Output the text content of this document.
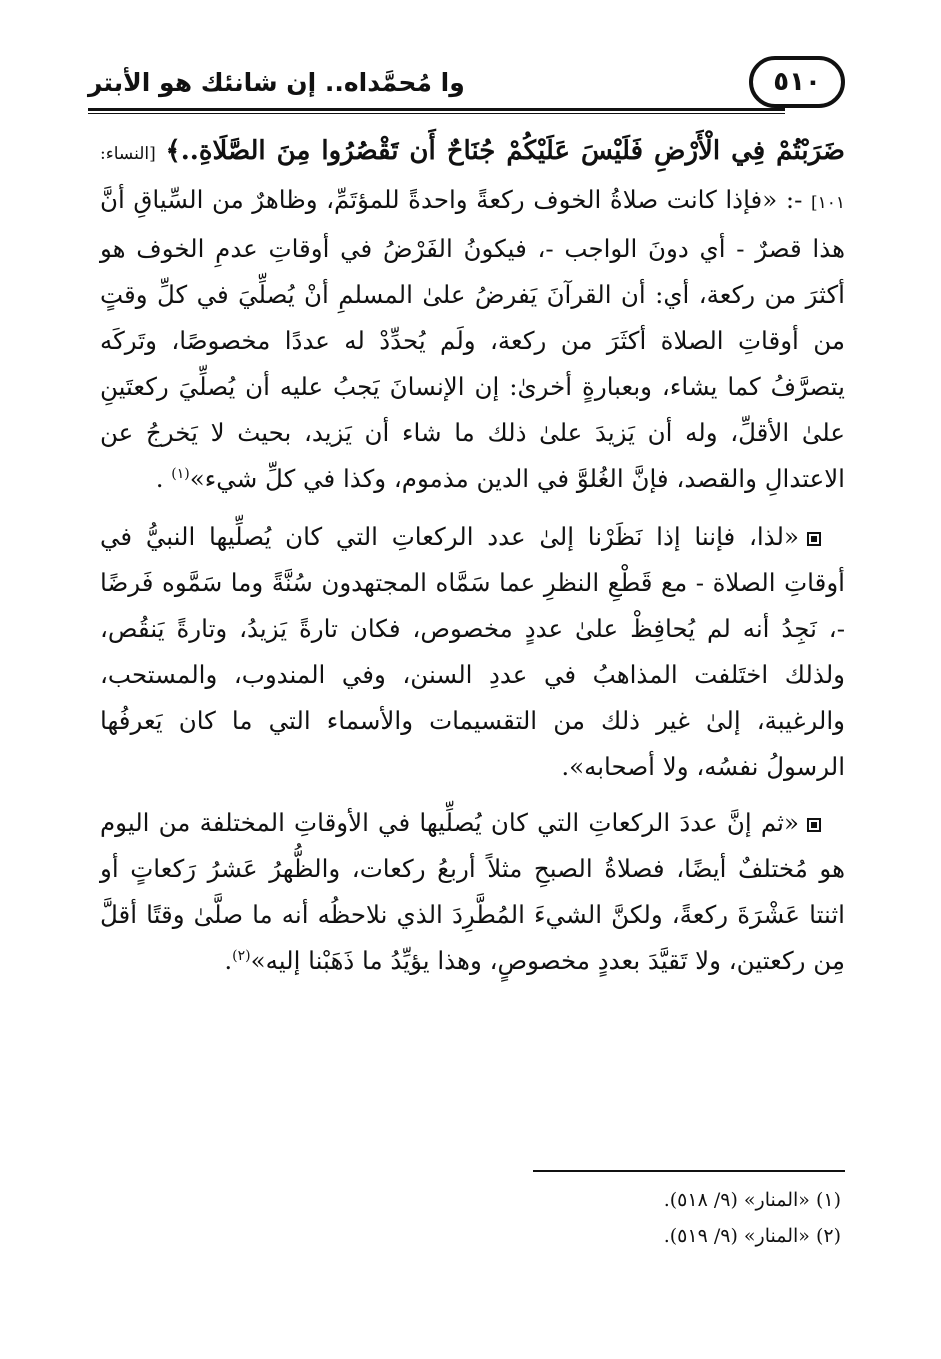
٥١٠
وا مُحمَّداه.. إن شانئك هو الأبتر

ضَرَبْتُمْ فِي الْأَرْضِ فَلَيْسَ عَلَيْكُمْ جُنَاحٌ أَن تَقْصُرُوا مِنَ الصَّلَاةِ..﴾ [النساء: ١٠١] -: «فإذا كانت صلاةُ الخوف ركعةً واحدةً للمؤتَمِّ، وظاهرٌ من السِّياقِ أنَّ هذا قصرٌ - أي دونَ الواجب -، فيكونُ الفَرْضُ في أوقاتِ عدمِ الخوف هو أكثرَ من ركعة، أي: أن القرآنَ يَفرضُ علىٰ المسلمِ أنْ يُصلِّيَ في كلِّ وقتٍ من أوقاتِ الصلاة أكثَرَ من ركعة، ولَم يُحدِّدْ له عددًا مخصوصًا، وتَركَه يتصرَّفُ كما يشاء، وبعبارةٍ أخرىٰ: إن الإنسانَ يَجبُ عليه أن يُصلِّيَ ركعتَينِ علىٰ الأقلِّ، وله أن يَزيدَ علىٰ ذلك ما شاء أن يَزيد، بحيث لا يَخرجُ عن الاعتدالِ والقصد، فإنَّ الغُلوَّ في الدين مذموم، وكذا في كلِّ شيء»$^{(١)}$ .

«لذا، فإننا إذا نَظَرْنا إلىٰ عدد الركعاتِ التي كان يُصلِّيها النبيُّ في أوقاتِ الصلاة - مع قَطْعِ النظرِ عما سَمَّاه المجتهدون سُنَّةً وما سَمَّوه فَرضًا -، نَجِدُ أنه لم يُحافِظْ علىٰ عددٍ مخصوص، فكان تارةً يَزيدُ، وتارةً يَنقُص، ولذلك اختَلفت المذاهبُ في عددِ السنن، وفي المندوب، والمستحب، والرغيبة، إلىٰ غير ذلك من التقسيمات والأسماء التي ما كان يَعرفُها الرسولُ نفسُه، ولا أصحابه».

«ثم إنَّ عددَ الركعاتِ التي كان يُصلِّيها في الأوقاتِ المختلفة من اليوم هو مُختلفٌ أيضًا، فصلاةُ الصبحِ مثلاً أربعُ ركعات، والظُّهرُ عَشرُ رَكعاتٍ أو اثنتا عَشْرَةَ ركعةً، ولكنَّ الشيءَ المُطَّرِدَ الذي نلاحظُه أنه ما صلَّىٰ وقتًا أقلَّ مِن ركعتين، ولا تَقيَّدَ بعددٍ مخصوصٍ، وهذا يؤيِّدُ ما ذَهَبْنا إليه»$^{(٢)}$.

(١) «المنار» (٩/ ٥١٨).
(٢) «المنار» (٩/ ٥١٩).
